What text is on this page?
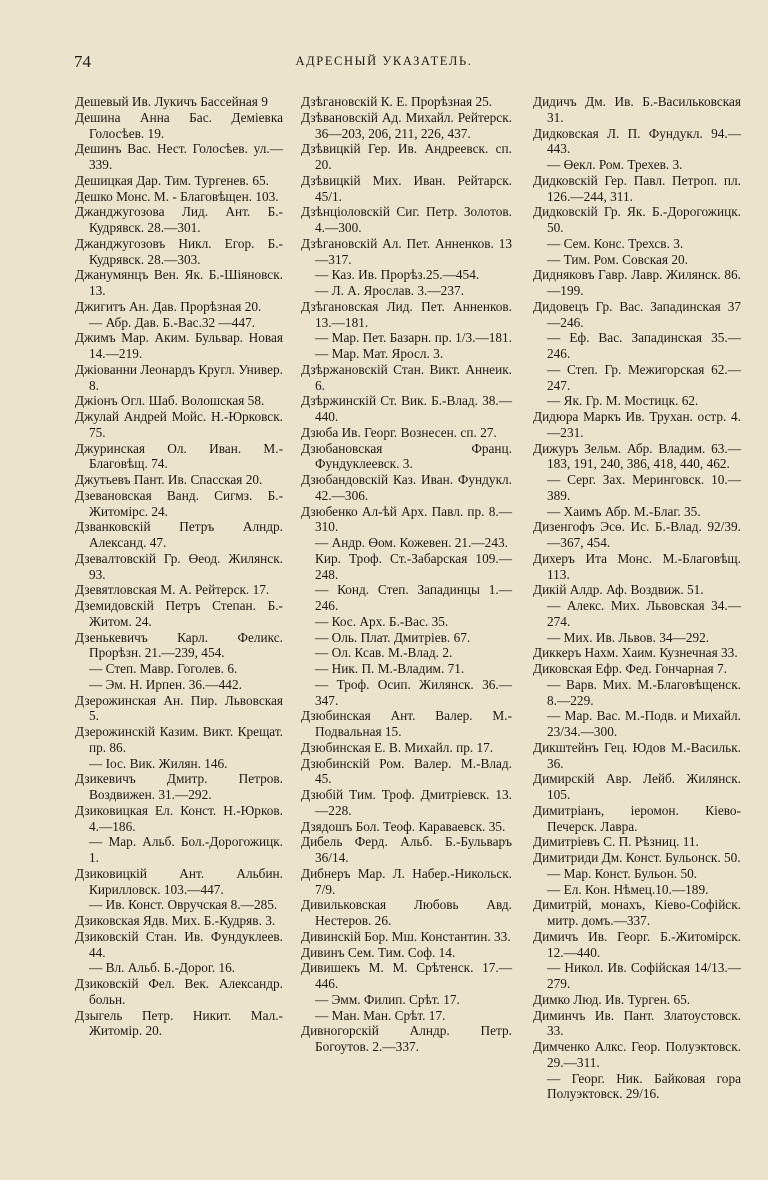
74	АДРЕСНЫЙ УКАЗАТЕЛЬ.

Дешевый Ив. Лукичъ Бассейная 9

Дешина Анна Бас. Деміевка Голосѣев. 19.

Дешинъ Вас. Нест. Голосѣев. ул.—339.

Дешицкая Дар. Тим. Тургенев. 65.

Дешко Монс. М. - Благовѣщен. 103.

Джанджугозова Лид. Ант. Б.-Кудрявск. 28.—301.

Джанджугозовъ Никл. Егор. Б.-Кудрявск. 28.—303.

Джанумянцъ Вен. Як. Б.-Шіяновск. 13.

Джигитъ Ан. Дав. Прорѣзная 20.

— Абр. Дав. Б.-Вас.32 —447.

Джимъ Мар. Аким. Бульвар. Новая 14.—219.

Джіованни Леонардъ Кругл. Универ. 8.

Джіонъ Огл. Шаб. Волошская 58.

Джулай Андрей Мойс. Н.-Юрковск. 75.

Джуринская Ол. Иван. М.-Благовѣщ. 74.

Джутьевъ Пант. Ив. Спасская 20.

Дзевановская Ванд. Сигмз. Б.-Житомірс. 24.

Дзванковскій Петръ Алндр. Александ. 47.

Дзевалтовскій Гр. Өеод. Жилянск. 93.

Дзевятловская М. А. Рейтерск. 17.

Дземидовскій Петръ Степан. Б.-Житом. 24.

Дзенькевичъ Карл. Феликс. Прорѣзн. 21.—239, 454.

— Степ. Мавр. Гоголев. 6.

— Эм. Н. Ирпен. 36.—442.

Дзерожинская Ан. Пир. Львовская 5.

Дзерожинскій Казим. Викт. Крещат. пр. 86.

— Іос. Вик. Жилян. 146.

Дзикевичъ Дмитр. Петров. Воздвижен. 31.—292.

Дзиковицкая Ел. Конст. Н.-Юрков. 4.—186.

— Мар. Альб. Бол.-Дорогожицк. 1.

Дзиковицкій Ант. Альбин. Кирилловск. 103.—447.

— Ив. Конст. Овручская 8.—285.

Дзиковская Ядв. Мих. Б.-Кудряв. 3.

Дзиковскій Стан. Ив. Фундуклеев. 44.

— Вл. Альб. Б.-Дорог. 16.

Дзиковскій Фел. Век. Александр. больн.

Дзыгель Петр. Никит. Мал.-Житомір. 20.

Дзѣгановскій К. Е. Прорѣзная 25.

Дзѣвановскій Ад. Михайл. Рейтерск. 36—203, 206, 211, 226, 437.

Дзѣвицкій Гер. Ив. Андреевск. сп. 20.

Дзѣвицкій Мих. Иван. Рейтарск. 45/1.

Дзѣнціоловскій Сиг. Петр. Золотов. 4.—300.

Дзѣгановскій Ал. Пет. Анненков. 13—317.

— Каз. Ив. Прорѣз.25.—454.

— Л. А. Ярослав. 3.—237.

Дзѣгановская Лид. Пет. Анненков. 13.—181.

— Мар. Пет. Базарн. пр. 1/3.—181.

— Мар. Мат. Яросл. 3.

Дзѣржановскій Стан. Викт. Аннеик. 6.

Дзѣржинскій Ст. Вик. Б.-Влад. 38.—440.

Дзюба Ив. Георг. Вознесен. сп. 27.

Дзюбановская Франц. Фундуклеевск. 3.

Дзюбандовскій Каз. Иван. Фундукл. 42.—306.

Дзюбенко Ал-ѣй Арх. Павл. пр. 8.—310.

— Андр. Өом. Кожевен. 21.—243.

Кир. Троф. Ст.-Забарская 109.—248.

— Конд. Степ. Западинцы 1.—246.

— Кос. Арх. Б.-Вас. 35.

— Оль. Плат. Дмитріев. 67.

— Ол. Ксав. М.-Влад. 2.

— Ник. П. М.-Владим. 71.

— Троф. Осип. Жилянск. 36.—347.

Дзюбинская Ант. Валер. М.-Подвальная 15.

Дзюбинская Е. В. Михайл. пр. 17.

Дзюбинскій Ром. Валер. М.-Влад. 45.

Дзюбій Тим. Троф. Дмитріевск. 13.—228.

Дзядошъ Бол. Теоф. Караваевск. 35.

Дибель Ферд. Альб. Б.-Бульваръ 36/14.

Дибнеръ Мар. Л. Набер.-Никольск. 7/9.

Дивильковская Любовь Авд. Нестеров. 26.

Дивинскій Бор. Мш. Константин. 33.

Дивинъ Сем. Тим. Соф. 14.

Дивишекъ М. М. Срѣтенск. 17.—446.

— Эмм. Филип. Срѣт. 17.

— Ман. Ман. Срѣт. 17.

Дивногорскій Алндр. Петр. Богоутов. 2.—337.

Дидичъ Дм. Ив. Б.-Васильковская 31.

Дидковская Л. П. Фундукл. 94.—443.

— Өекл. Ром. Трехев. 3.

Дидковскій Гер. Павл. Петроп. пл. 126.—244, 311.

Дидковскій Гр. Як. Б.-Дорогожицк. 50.

— Сем. Конс. Трехсв. 3.

— Тим. Ром. Совская 20.

Дидняковъ Гавр. Лавр. Жилянск. 86.—199.

Дидовецъ Гр. Вас. Западинская 37 —246.

— Еф. Вас. Западинская 35.—246.

— Степ. Гр. Межигорская 62.—247.

— Як. Гр. М. Мостицк. 62.

Дидюра Маркъ Ив. Трухан. остр. 4.—231.

Дижуръ Зельм. Абр. Владим. 63.—183, 191, 240, 386, 418, 440, 462.

— Серг. Зах. Меринговск. 10.—389.

— Хаимъ Абр. М.-Благ. 35.

Дизенгофъ Эсө. Ис. Б.-Влад. 92/39.—367, 454.

Дихеръ Ита Монс. М.-Благовѣщ. 113.

Дикій Алдр. Аф. Воздвиж. 51.

— Алекс. Мих. Львовская 34.—274.

— Мих. Ив. Львов. 34—292.

Диккеръ Нахм. Хаим. Кузнечная 33.

Диковская Ефр. Фед. Гончарная 7.

— Варв. Мих. М.-Благовѣщенск. 8.—229.

— Мар. Вас. М.-Подв. и Михайл. 23/34.—300.

Дикштейнъ Гец. Юдов М.-Васильк. 36.

Димирскій Авр. Лейб. Жилянск. 105.

Димитріанъ, іеромон. Кіево-Печерск. Лавра.

Димитріевъ С. П. Рѣзниц. 11.

Димитриди Дм. Конст. Бульонск. 50.

— Мар. Конст. Бульон. 50.

— Ел. Кон. Нѣмец.10.—189.

Димитрій, монахъ, Кіево-Софійск. митр. домъ.—337.

Димичъ Ив. Георг. Б.-Житомірск. 12.—440.

— Никол. Ив. Софійская 14/13.—279.

Димко Люд. Ив. Тургeн. 65.

Диминчъ Ив. Пант. Златоустовск. 33.

Димченко Алкс. Геор. Полуэктовск. 29.—311.

— Георг. Ник. Байковая гора Полуэктовск. 29/16.
